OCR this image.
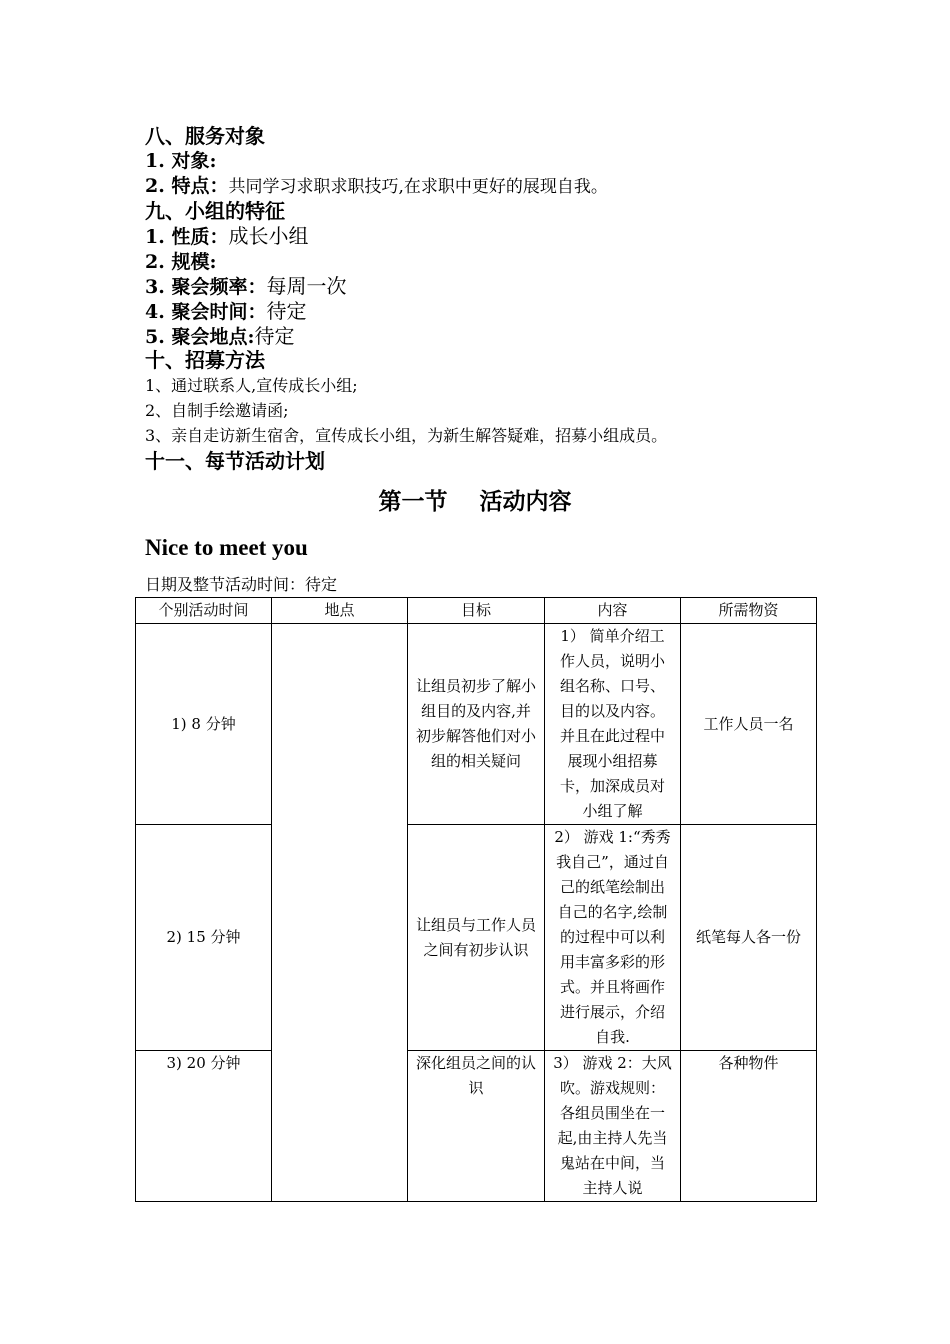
八、服务对象
1. 对象:
2. 特点：共同学习求职求职技巧,在求职中更好的展现自我。
九、小组的特征
1. 性质：成长小组
2. 规模:
3. 聚会频率：每周一次
4. 聚会时间：待定
5. 聚会地点:待定
十、招募方法
1、通过联系人,宣传成长小组;
2、自制手绘邀请函;
3、亲自走访新生宿舍，宣传成长小组，为新生解答疑难，招募小组成员。
十一、每节活动计划
第一节    活动内容
Nice to meet you
日期及整节活动时间：待定
个别活动时间	地点	目标	内容	所需物资
1) 8 分钟		让组员初步了解小组目的及内容,并初步解答他们对小组的相关疑问	1） 简单介绍工作人员，说明小组名称、口号、目的以及内容。并且在此过程中展现小组招募卡，加深成员对小组了解	工作人员一名
2) 15 分钟		让组员与工作人员之间有初步认识	2） 游戏 1:“秀秀我自己”，通过自己的纸笔绘制出自己的名字,绘制的过程中可以利用丰富多彩的形式。并且将画作进行展示，介绍自我.	纸笔每人各一份
3) 20 分钟		深化组员之间的认识	3） 游戏 2：大风吹。游戏规则：各组员围坐在一起,由主持人先当鬼站在中间，当主持人说	各种物件
